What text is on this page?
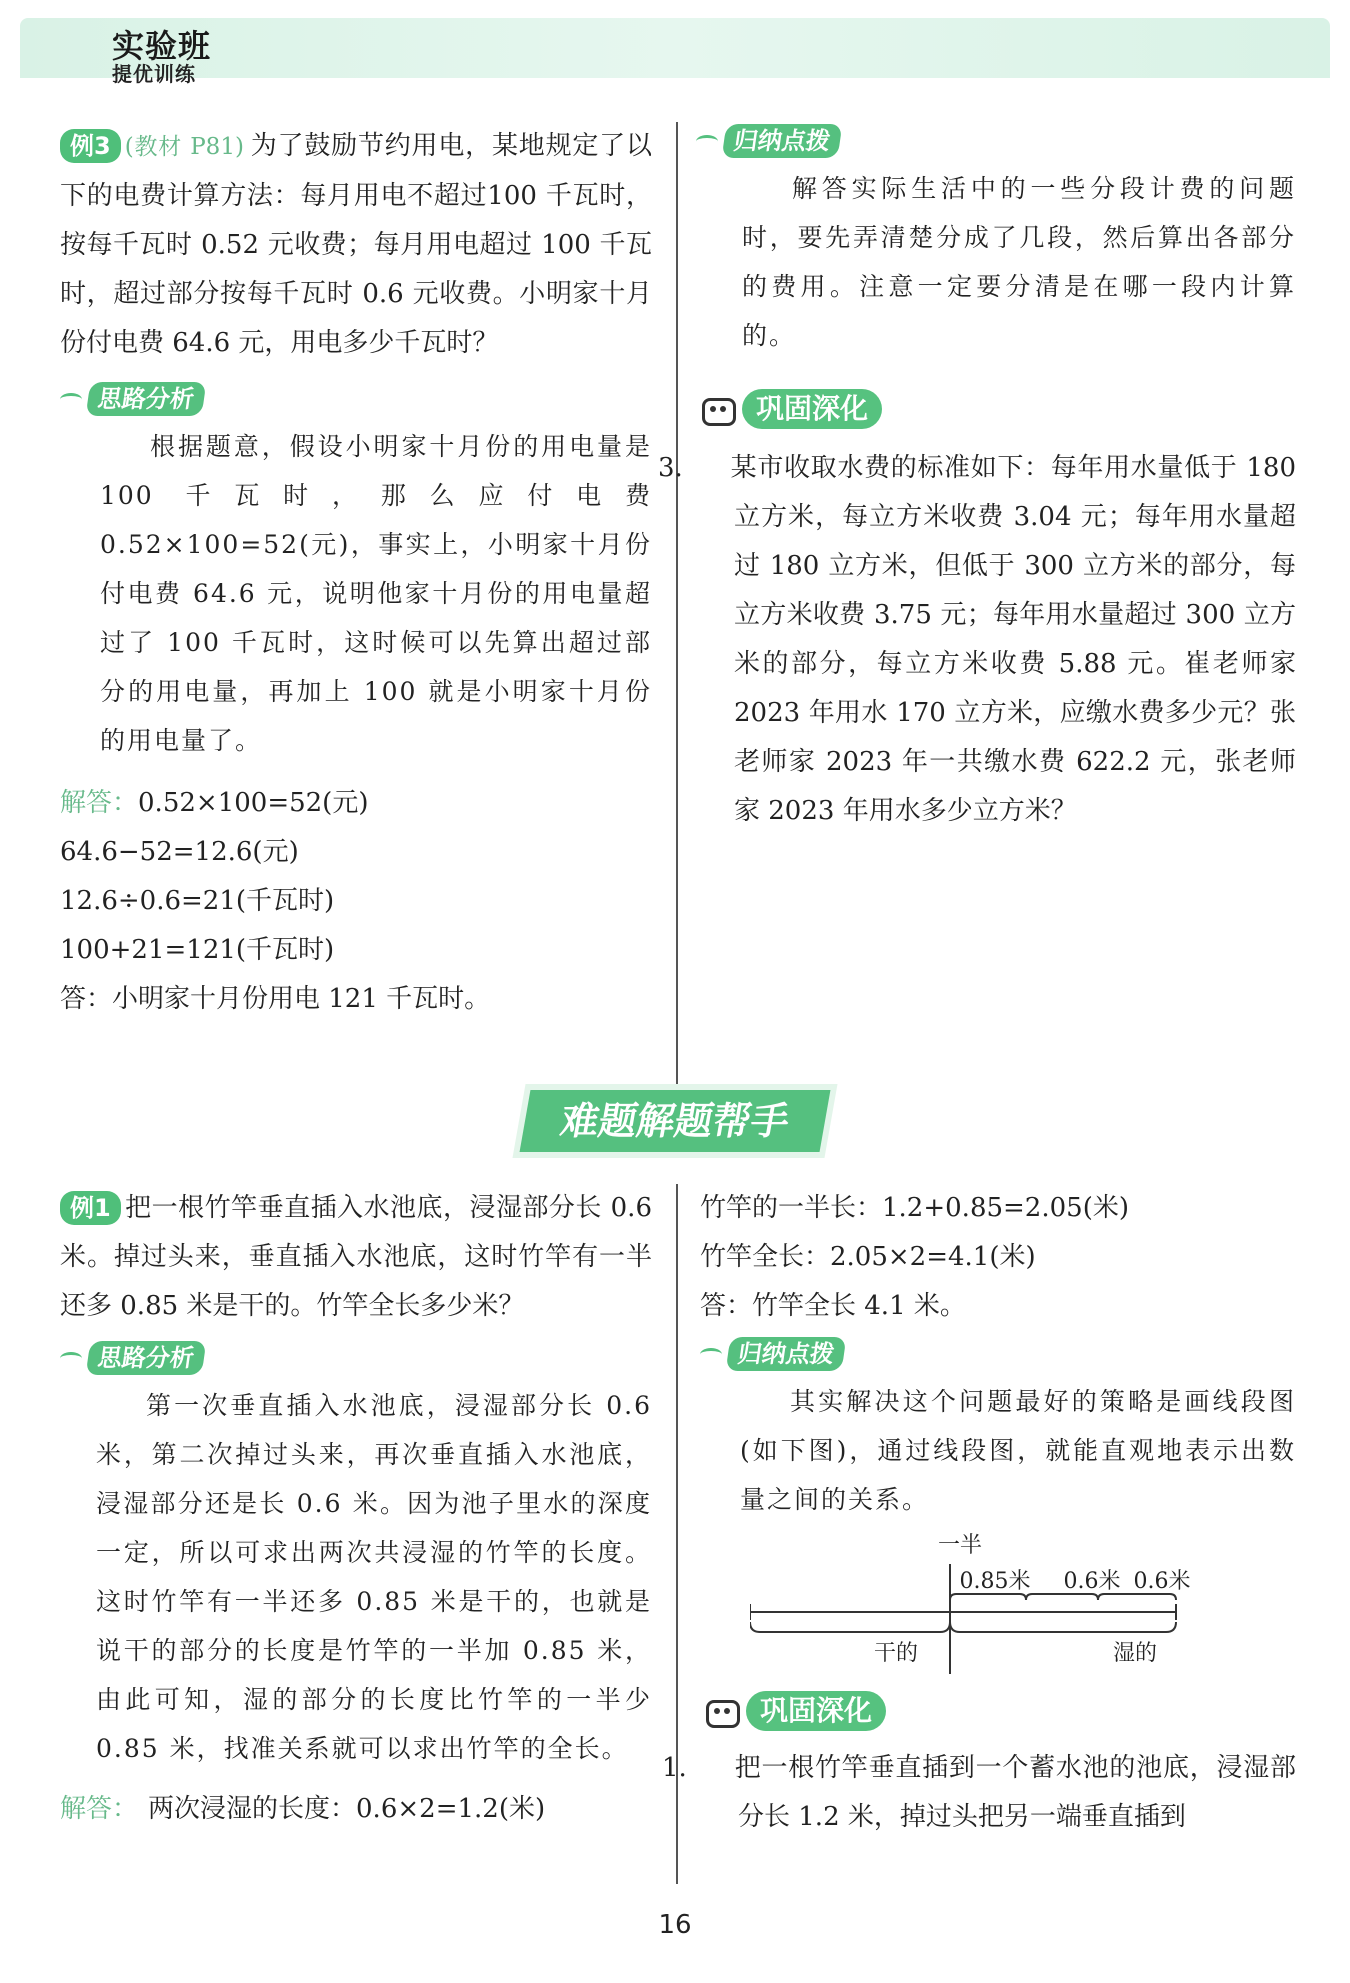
实验班
提优训练

例3 (教材 P81) 为了鼓励节约用电，某地规定了以下的电费计算方法：每月用电不超过100 千瓦时，按每千瓦时 0.52 元收费；每月用电超过 100 千瓦时，超过部分按每千瓦时 0.6 元收费。小明家十月份付电费 64.6 元，用电多少千瓦时？

思路分析

根据题意，假设小明家十月份的用电量是 100 千瓦时，那么应付电费 0.52×100=52(元)，事实上，小明家十月份付电费 64.6 元，说明他家十月份的用电量超过了 100 千瓦时，这时候可以先算出超过部分的用电量，再加上 100 就是小明家十月份的用电量了。

解答：0.52×100=52(元)
64.6−52=12.6(元)
12.6÷0.6=21(千瓦时)
100+21=121(千瓦时)
答：小明家十月份用电 121 千瓦时。
归纳点拨

解答实际生活中的一些分段计费的问题时，要先弄清楚分成了几段，然后算出各部分的费用。注意一定要分清是在哪一段内计算的。

巩固深化

3. 某市收取水费的标准如下：每年用水量低于 180 立方米，每立方米收费 3.04 元；每年用水量超过 180 立方米，但低于 300 立方米的部分，每立方米收费 3.75 元；每年用水量超过 300 立方米的部分，每立方米收费 5.88 元。崔老师家 2023 年用水 170 立方米，应缴水费多少元？张老师家 2023 年一共缴水费 622.2 元，张老师家 2023 年用水多少立方米？

难题解题帮手

例1 把一根竹竿垂直插入水池底，浸湿部分长 0.6 米。掉过头来，垂直插入水池底，这时竹竿有一半还多 0.85 米是干的。竹竿全长多少米？

思路分析

第一次垂直插入水池底，浸湿部分长 0.6 米，第二次掉过头来，再次垂直插入水池底，浸湿部分还是长 0.6 米。因为池子里水的深度一定，所以可求出两次共浸湿的竹竿的长度。这时竹竿有一半还多 0.85 米是干的，也就是说干的部分的长度是竹竿的一半加 0.85 米，由此可知，湿的部分的长度比竹竿的一半少 0.85 米，找准关系就可以求出竹竿的全长。

解答： 两次浸湿的长度：0.6×2=1.2(米)
竹竿的一半长：1.2+0.85=2.05(米)
竹竿全长：2.05×2=4.1(米)
答：竹竿全长 4.1 米。
归纳点拨

其实解决这个问题最好的策略是画线段图(如下图)，通过线段图，就能直观地表示出数量之间的关系。

一半
0.85米 0.6米 0.6米
干的	湿的
巩固深化

1. 把一根竹竿垂直插到一个蓄水池的池底，浸湿部分长 1.2 米，掉过头把另一端垂直插到

16
